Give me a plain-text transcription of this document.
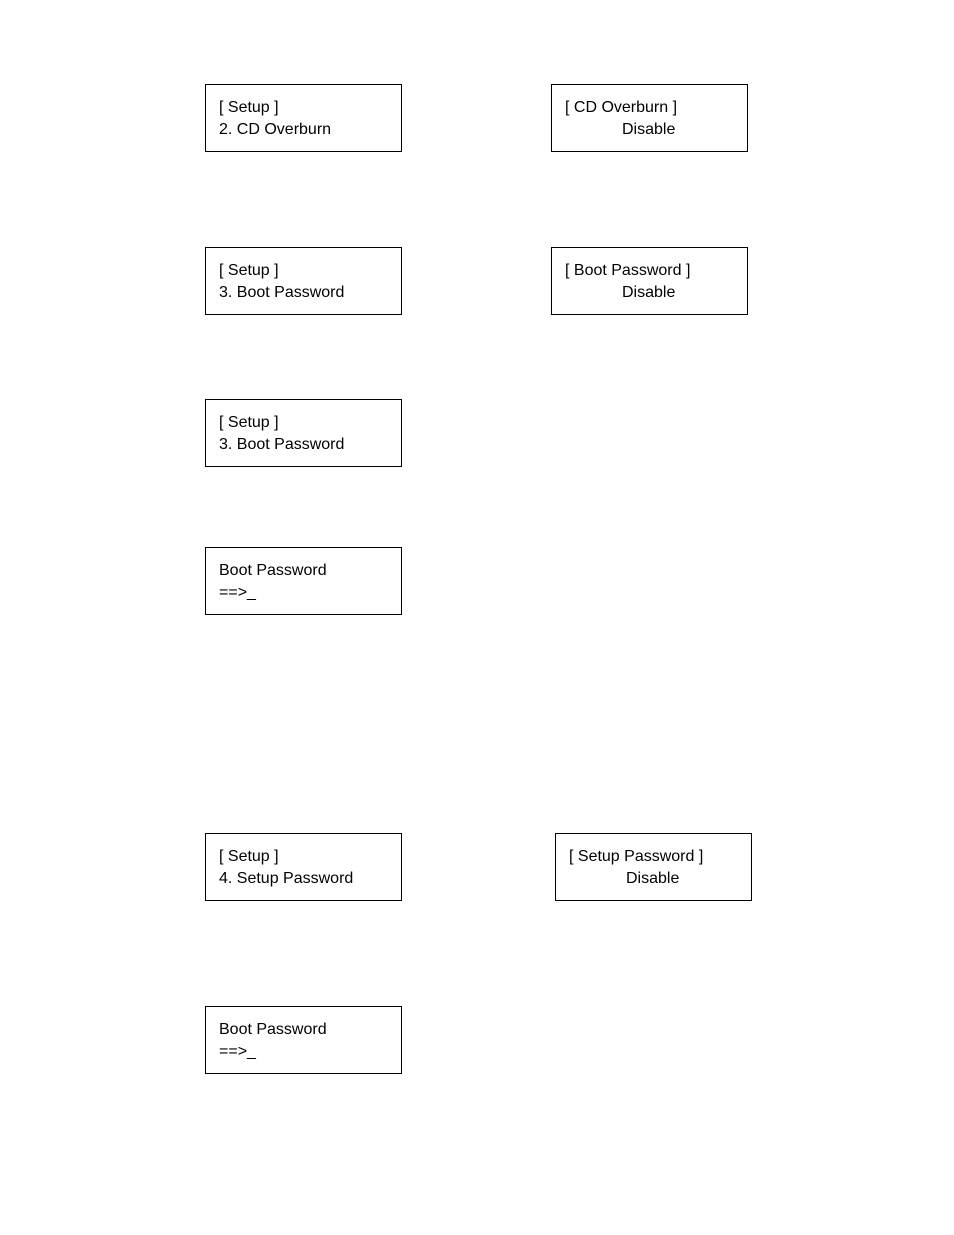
[ Setup ]
2. CD Overburn
[ CD Overburn ]
Disable
[ Setup ]
3. Boot Password
[ Boot Password ]
Disable
[ Setup ]
3. Boot Password
Boot Password
==>_
[ Setup ]
4. Setup Password
[ Setup Password ]
Disable
Boot Password
==>_
